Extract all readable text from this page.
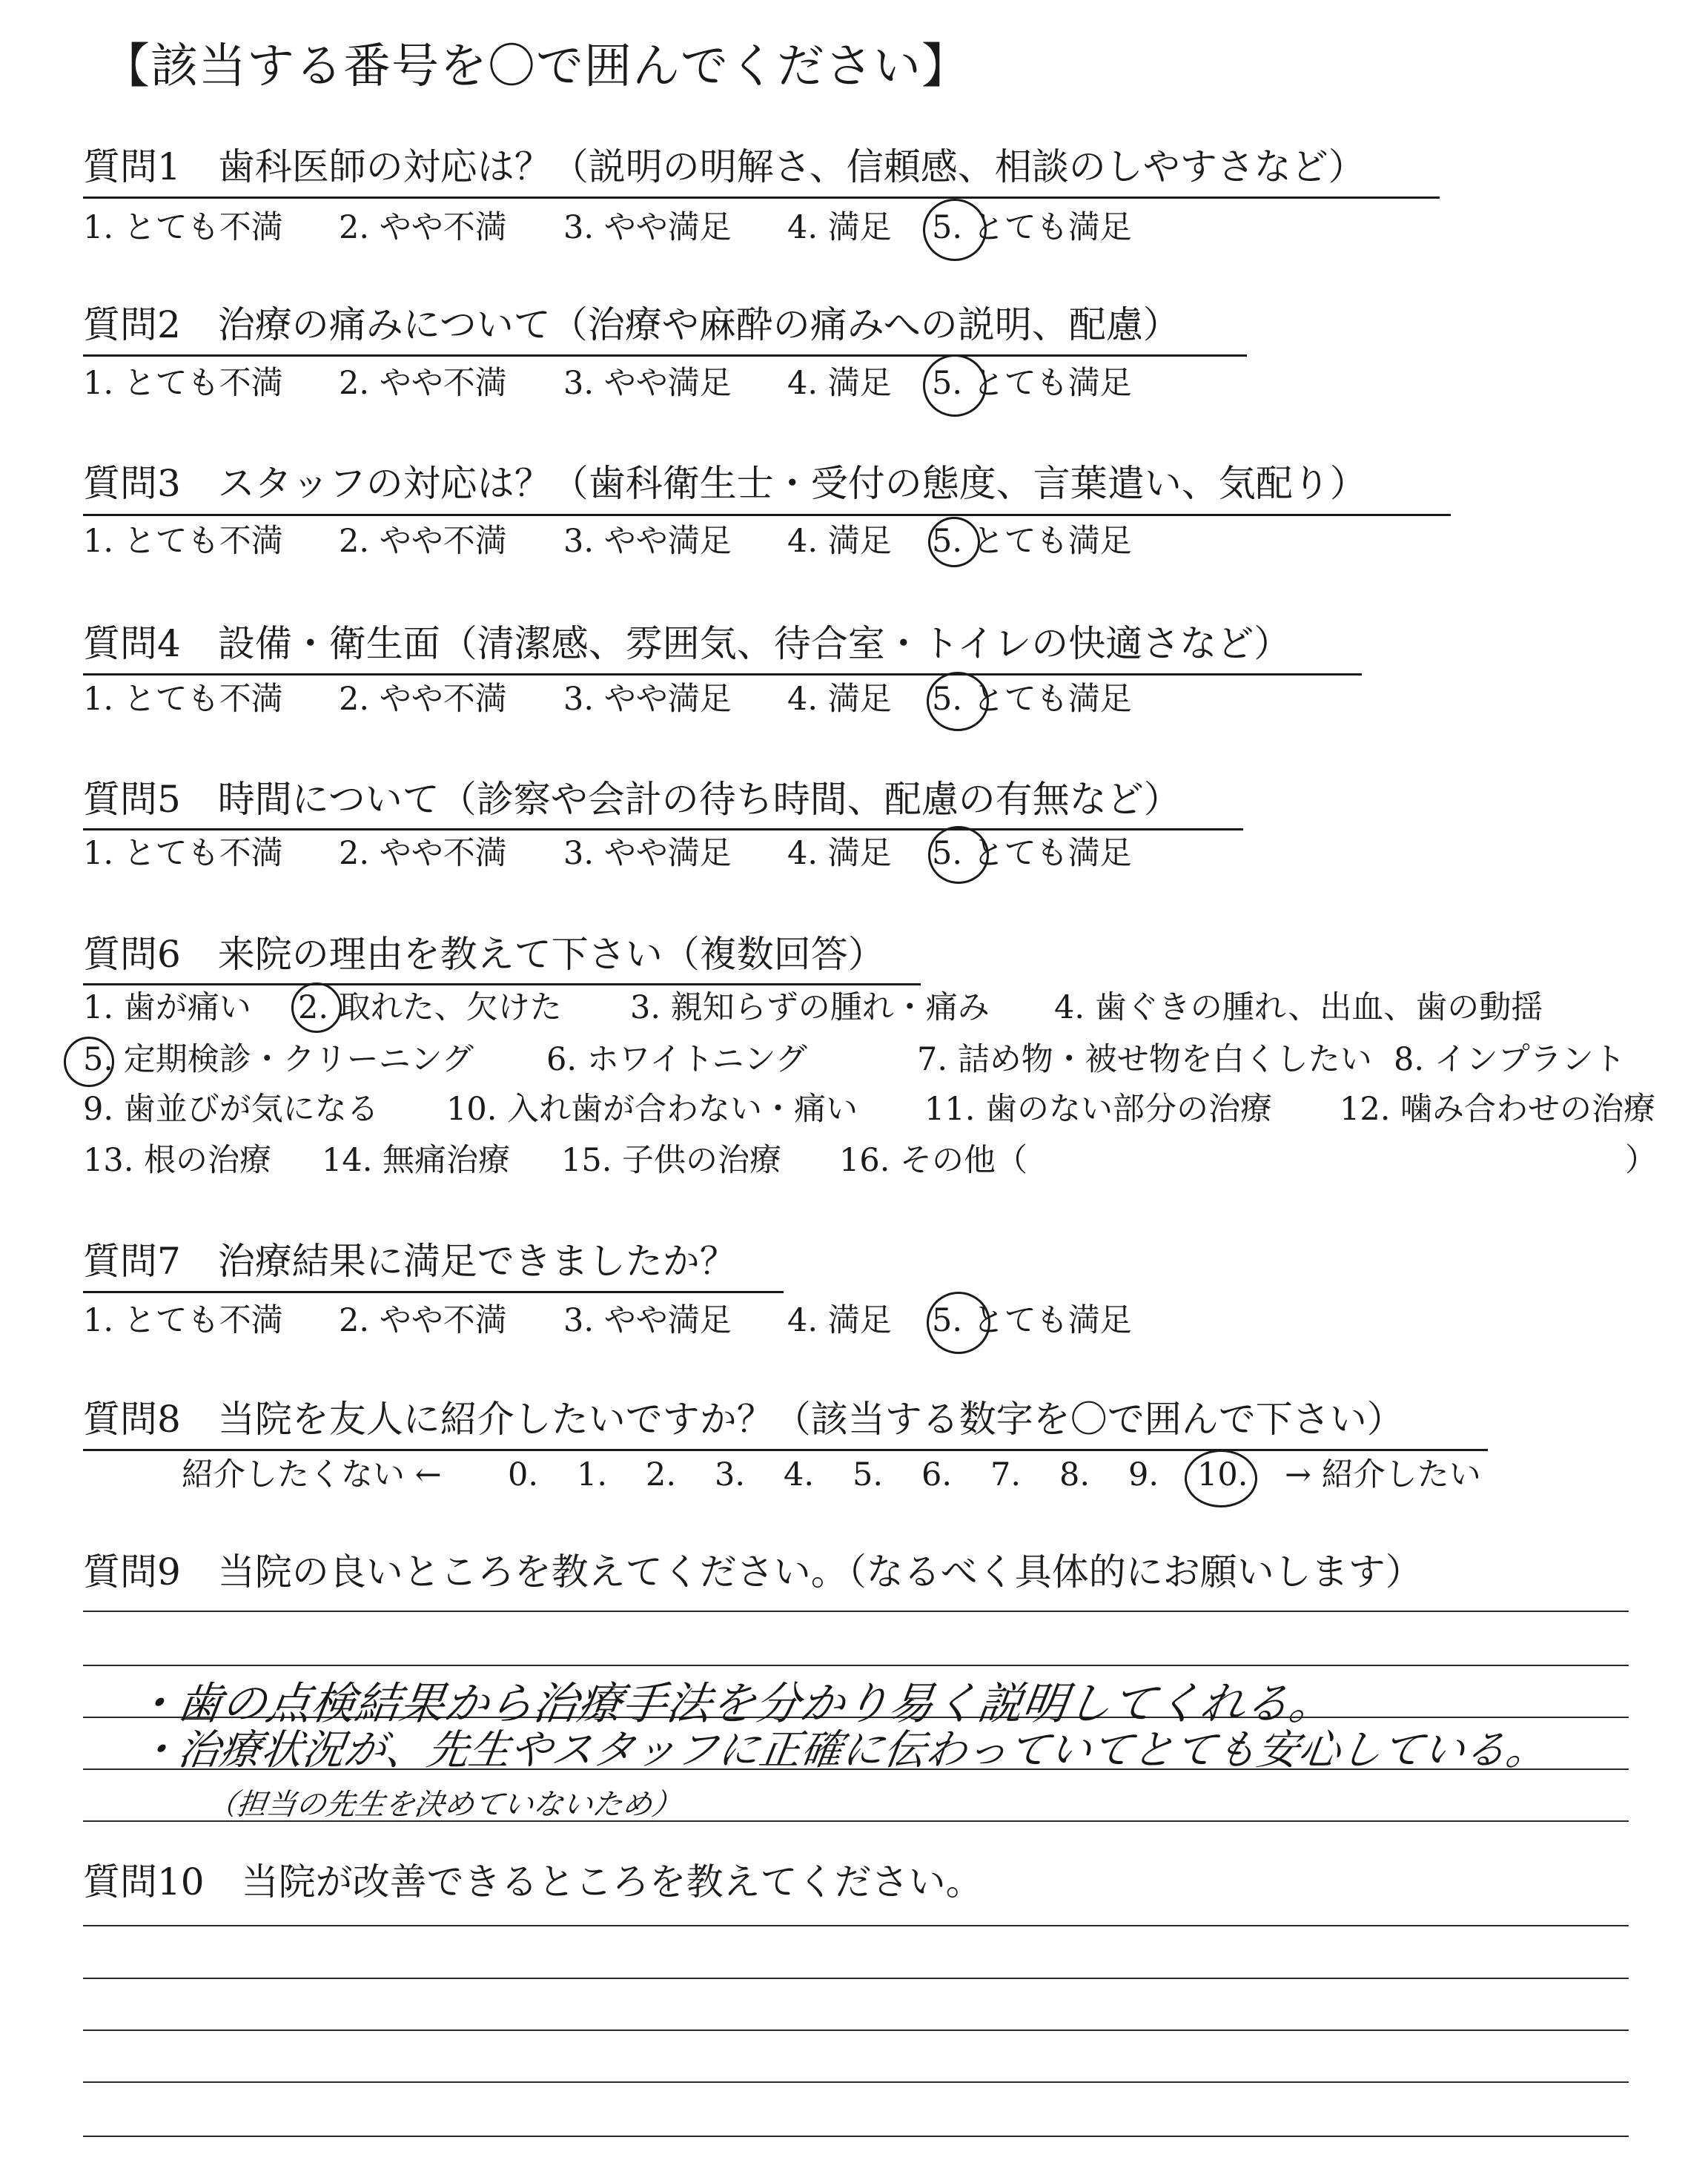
【該当する番号を〇で囲んでください】
質問1　歯科医師の対応は？（説明の明解さ、信頼感、相談のしやすさなど）
1. とても不満 2. やや不満 3. やや満足 4. 満足 5. とても満足
質問2　治療の痛みについて（治療や麻酔の痛みへの説明、配慮）
1. とても不満 2. やや不満 3. やや満足 4. 満足 5. とても満足
質問3　スタッフの対応は？（歯科衛生士・受付の態度、言葉遣い、気配り）
1. とても不満 2. やや不満 3. やや満足 4. 満足 5. とても満足
質問4　設備・衛生面（清潔感、雰囲気、待合室・トイレの快適さなど）
1. とても不満 2. やや不満 3. やや満足 4. 満足 5. とても満足
質問5　時間について（診察や会計の待ち時間、配慮の有無など）
1. とても不満 2. やや不満 3. やや満足 4. 満足 5. とても満足
質問6　来院の理由を教えて下さい（複数回答）
1. 歯が痛い 2. 取れた、欠けた 3. 親知らずの腫れ・痛み 4. 歯ぐきの腫れ、出血、歯の動揺
5. 定期検診・クリーニング 6. ホワイトニング	7. 詰め物・被せ物を白くしたい 8. インプラント
9. 歯並びが気になる 10. 入れ歯が合わない・痛い 11. 歯のない部分の治療 12. 噛み合わせの治療
13. 根の治療 14. 無痛治療 15. 子供の治療 16. その他（	）
質問7　治療結果に満足できましたか？
1. とても不満 2. やや不満 3. やや満足 4. 満足 5. とても満足
質問8　当院を友人に紹介したいですか？（該当する数字を〇で囲んで下さい）
紹介したくない ← 0. 1. 2. 3. 4. 5. 6. 7. 8. 9. 10. → 紹介したい
質問9　当院の良いところを教えてください。（なるべく具体的にお願いします）
・歯の点検結果から治療手法を分かり易く説明してくれる。
・治療状況が、先生やスタッフに正確に伝わっていてとても安心している。
（担当の先生を決めていないため）
質問10　当院が改善できるところを教えてください。
